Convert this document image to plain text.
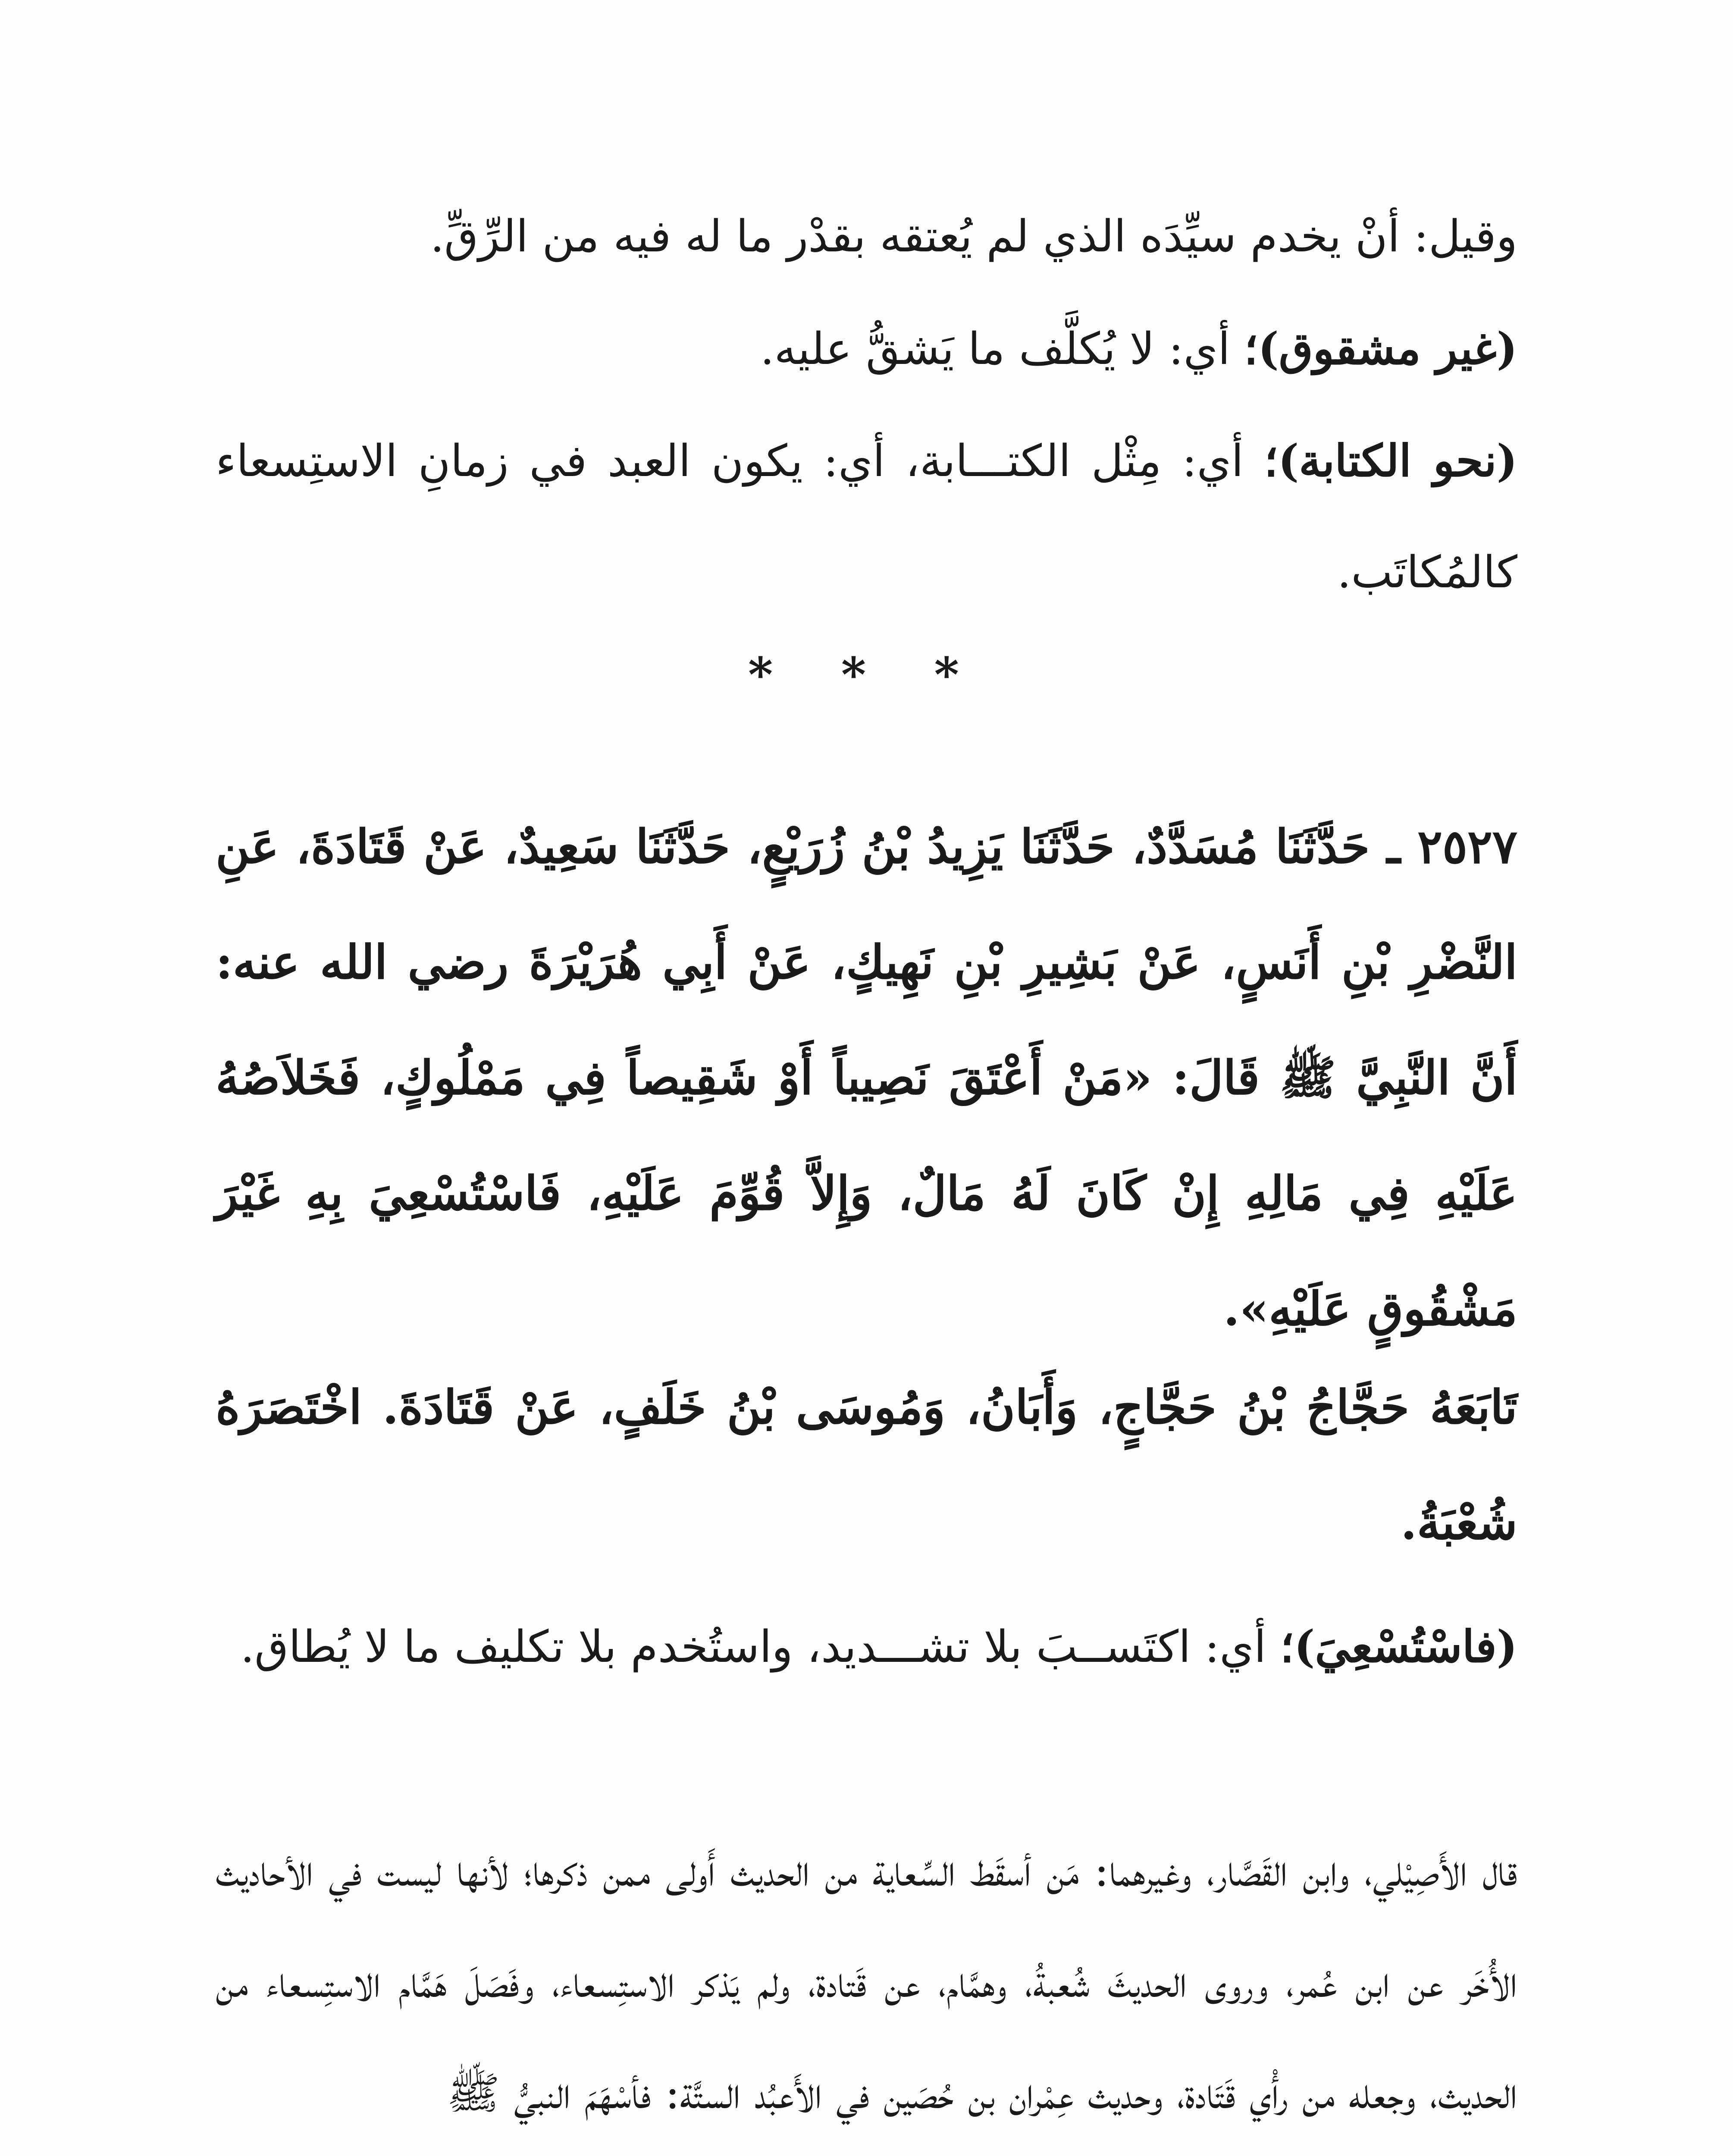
وقيل: أنْ يخدم سيِّدَه الذي لم يُعتقه بقدْر ما له فيه من الرِّقِّ.

(غير مشقوق)؛ أي: لا يُكلَّف ما يَشقُّ عليه.

(نحو الكتابة)؛ أي: مِثْل الكتـــابة، أي: يكون العبد في زمانِ الاستِسعاء كالمُكاتَب.

* * *

٢٥٢٧ ـ حَدَّثَنَا مُسَدَّدٌ، حَدَّثَنَا يَزِيدُ بْنُ زُرَيْعٍ، حَدَّثَنَا سَعِيدٌ، عَنْ قَتَادَةَ، عَنِ النَّضْرِ بْنِ أَنَسٍ، عَنْ بَشِيرِ بْنِ نَهِيكٍ، عَنْ أَبِي هُرَيْرَةَ رضي الله عنه: أَنَّ النَّبِيَّ ﷺ قَالَ: «مَنْ أَعْتَقَ نَصِيباً أَوْ شَقِيصاً فِي مَمْلُوكٍ، فَخَلاَصُهُ عَلَيْهِ فِي مَالِهِ إِنْ كَانَ لَهُ مَالٌ، وَإِلاَّ قُوِّمَ عَلَيْهِ، فَاسْتُسْعِيَ بِهِ غَيْرَ مَشْقُوقٍ عَلَيْهِ».

تَابَعَهُ حَجَّاجُ بْنُ حَجَّاجٍ، وَأَبَانُ، وَمُوسَى بْنُ خَلَفٍ، عَنْ قَتَادَةَ. اخْتَصَرَهُ شُعْبَةُ.

(فاسْتُسْعِيَ)؛ أي: اكتَســبَ بلا تشـــديد، واستُخدم بلا تكليف ما لا يُطاق.

قال الأَصِيْلي، وابن القَصَّار، وغيرهما: مَن أسقَط السِّعاية من الحديث أَولى ممن ذكرها؛ لأنها ليست في الأحاديث الأُخَر عن ابن عُمر، وروى الحديثَ شُعبةُ، وهمَّام، عن قَتادة، ولم يَذكر الاستِسعاء، وفَصَلَ هَمَّام الاستِسعاء من الحديث، وجعله من رأْي قَتَادة، وحديث عِمْران بن حُصَين في الأَعبُد الستَّة: فأسْهَمَ النبيُّ ﷺ
